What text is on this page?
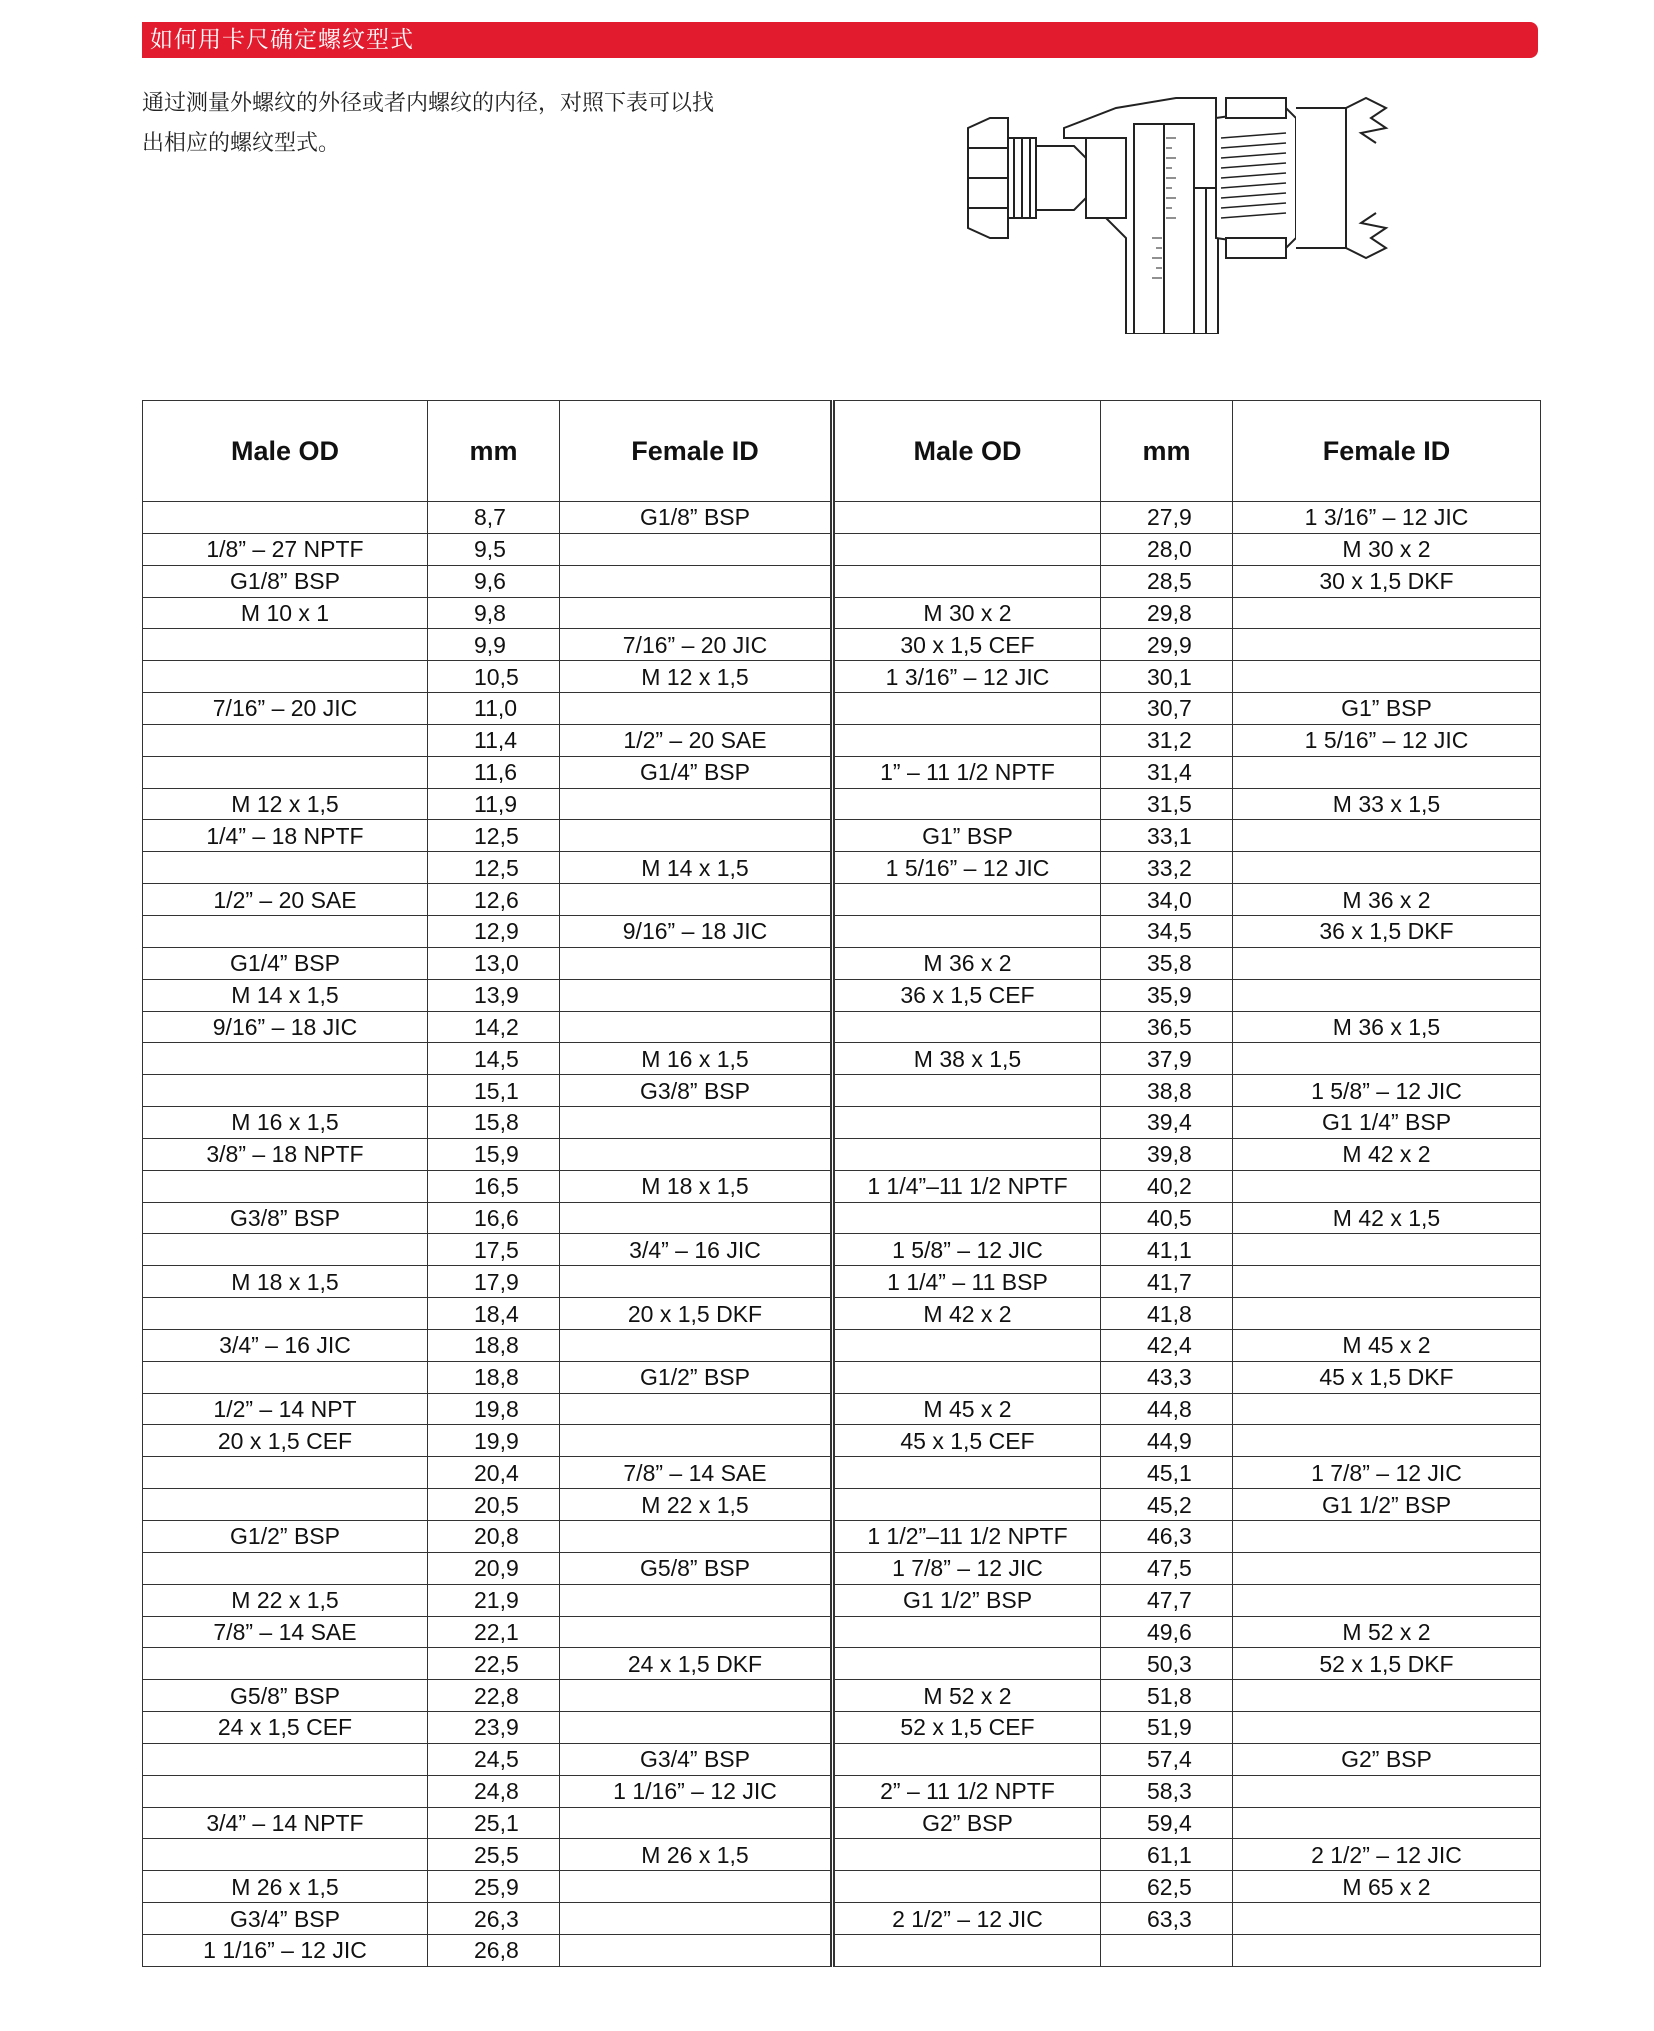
如何用卡尺确定螺纹型式
通过测量外螺纹的外径或者内螺纹的内径，对照下表可以找
出相应的螺纹型式。
Male OD	mm	Female ID	Male OD	mm	Female ID
	8,7	G1/8” BSP		27,9	1 3/16” – 12 JIC
1/8” – 27 NPTF	9,5			28,0	M 30 x 2
G1/8” BSP	9,6			28,5	30 x 1,5 DKF
M 10 x 1	9,8		M 30 x 2	29,8	
	9,9	7/16” – 20 JIC	30 x 1,5 CEF	29,9	
	10,5	M 12 x 1,5	1 3/16” – 12 JIC	30,1	
7/16” – 20 JIC	11,0			30,7	G1” BSP
	11,4	1/2” – 20 SAE		31,2	1 5/16” – 12 JIC
	11,6	G1/4” BSP	1” – 11 1/2 NPTF	31,4	
M 12 x 1,5	11,9			31,5	M 33 x 1,5
1/4” – 18 NPTF	12,5		G1” BSP	33,1	
	12,5	M 14 x 1,5	1 5/16” – 12 JIC	33,2	
1/2” – 20 SAE	12,6			34,0	M 36 x 2
	12,9	9/16” – 18 JIC		34,5	36 x 1,5 DKF
G1/4” BSP	13,0		M 36 x 2	35,8	
M 14 x 1,5	13,9		36 x 1,5 CEF	35,9	
9/16” – 18 JIC	14,2			36,5	M 36 x 1,5
	14,5	M 16 x 1,5	M 38 x 1,5	37,9	
	15,1	G3/8” BSP		38,8	1 5/8” – 12 JIC
M 16 x 1,5	15,8			39,4	G1 1/4” BSP
3/8” – 18 NPTF	15,9			39,8	M 42 x 2
	16,5	M 18 x 1,5	1 1/4”–11 1/2 NPTF	40,2	
G3/8” BSP	16,6			40,5	M 42 x 1,5
	17,5	3/4” – 16 JIC	1 5/8” – 12 JIC	41,1	
M 18 x 1,5	17,9		1 1/4” – 11 BSP	41,7	
	18,4	20 x 1,5 DKF	M 42 x 2	41,8	
3/4” – 16 JIC	18,8			42,4	M 45 x 2
	18,8	G1/2” BSP		43,3	45 x 1,5 DKF
1/2” – 14 NPT	19,8		M 45 x 2	44,8	
20 x 1,5 CEF	19,9		45 x 1,5 CEF	44,9	
	20,4	7/8” – 14 SAE		45,1	1 7/8” – 12 JIC
	20,5	M 22 x 1,5		45,2	G1 1/2” BSP
G1/2” BSP	20,8		1 1/2”–11 1/2 NPTF	46,3	
	20,9	G5/8” BSP	1 7/8” – 12 JIC	47,5	
M 22 x 1,5	21,9		G1 1/2” BSP	47,7	
7/8” – 14 SAE	22,1			49,6	M 52 x 2
	22,5	24 x 1,5 DKF		50,3	52 x 1,5 DKF
G5/8” BSP	22,8		M 52 x 2	51,8	
24 x 1,5 CEF	23,9		52 x 1,5 CEF	51,9	
	24,5	G3/4” BSP		57,4	G2” BSP
	24,8	1 1/16” – 12 JIC	2” – 11 1/2 NPTF	58,3	
3/4” – 14 NPTF	25,1		G2” BSP	59,4	
	25,5	M 26 x 1,5		61,1	2 1/2” – 12 JIC
M 26 x 1,5	25,9			62,5	M 65 x 2
G3/4” BSP	26,3		2 1/2” – 12 JIC	63,3	
1 1/16” – 12 JIC	26,8				
